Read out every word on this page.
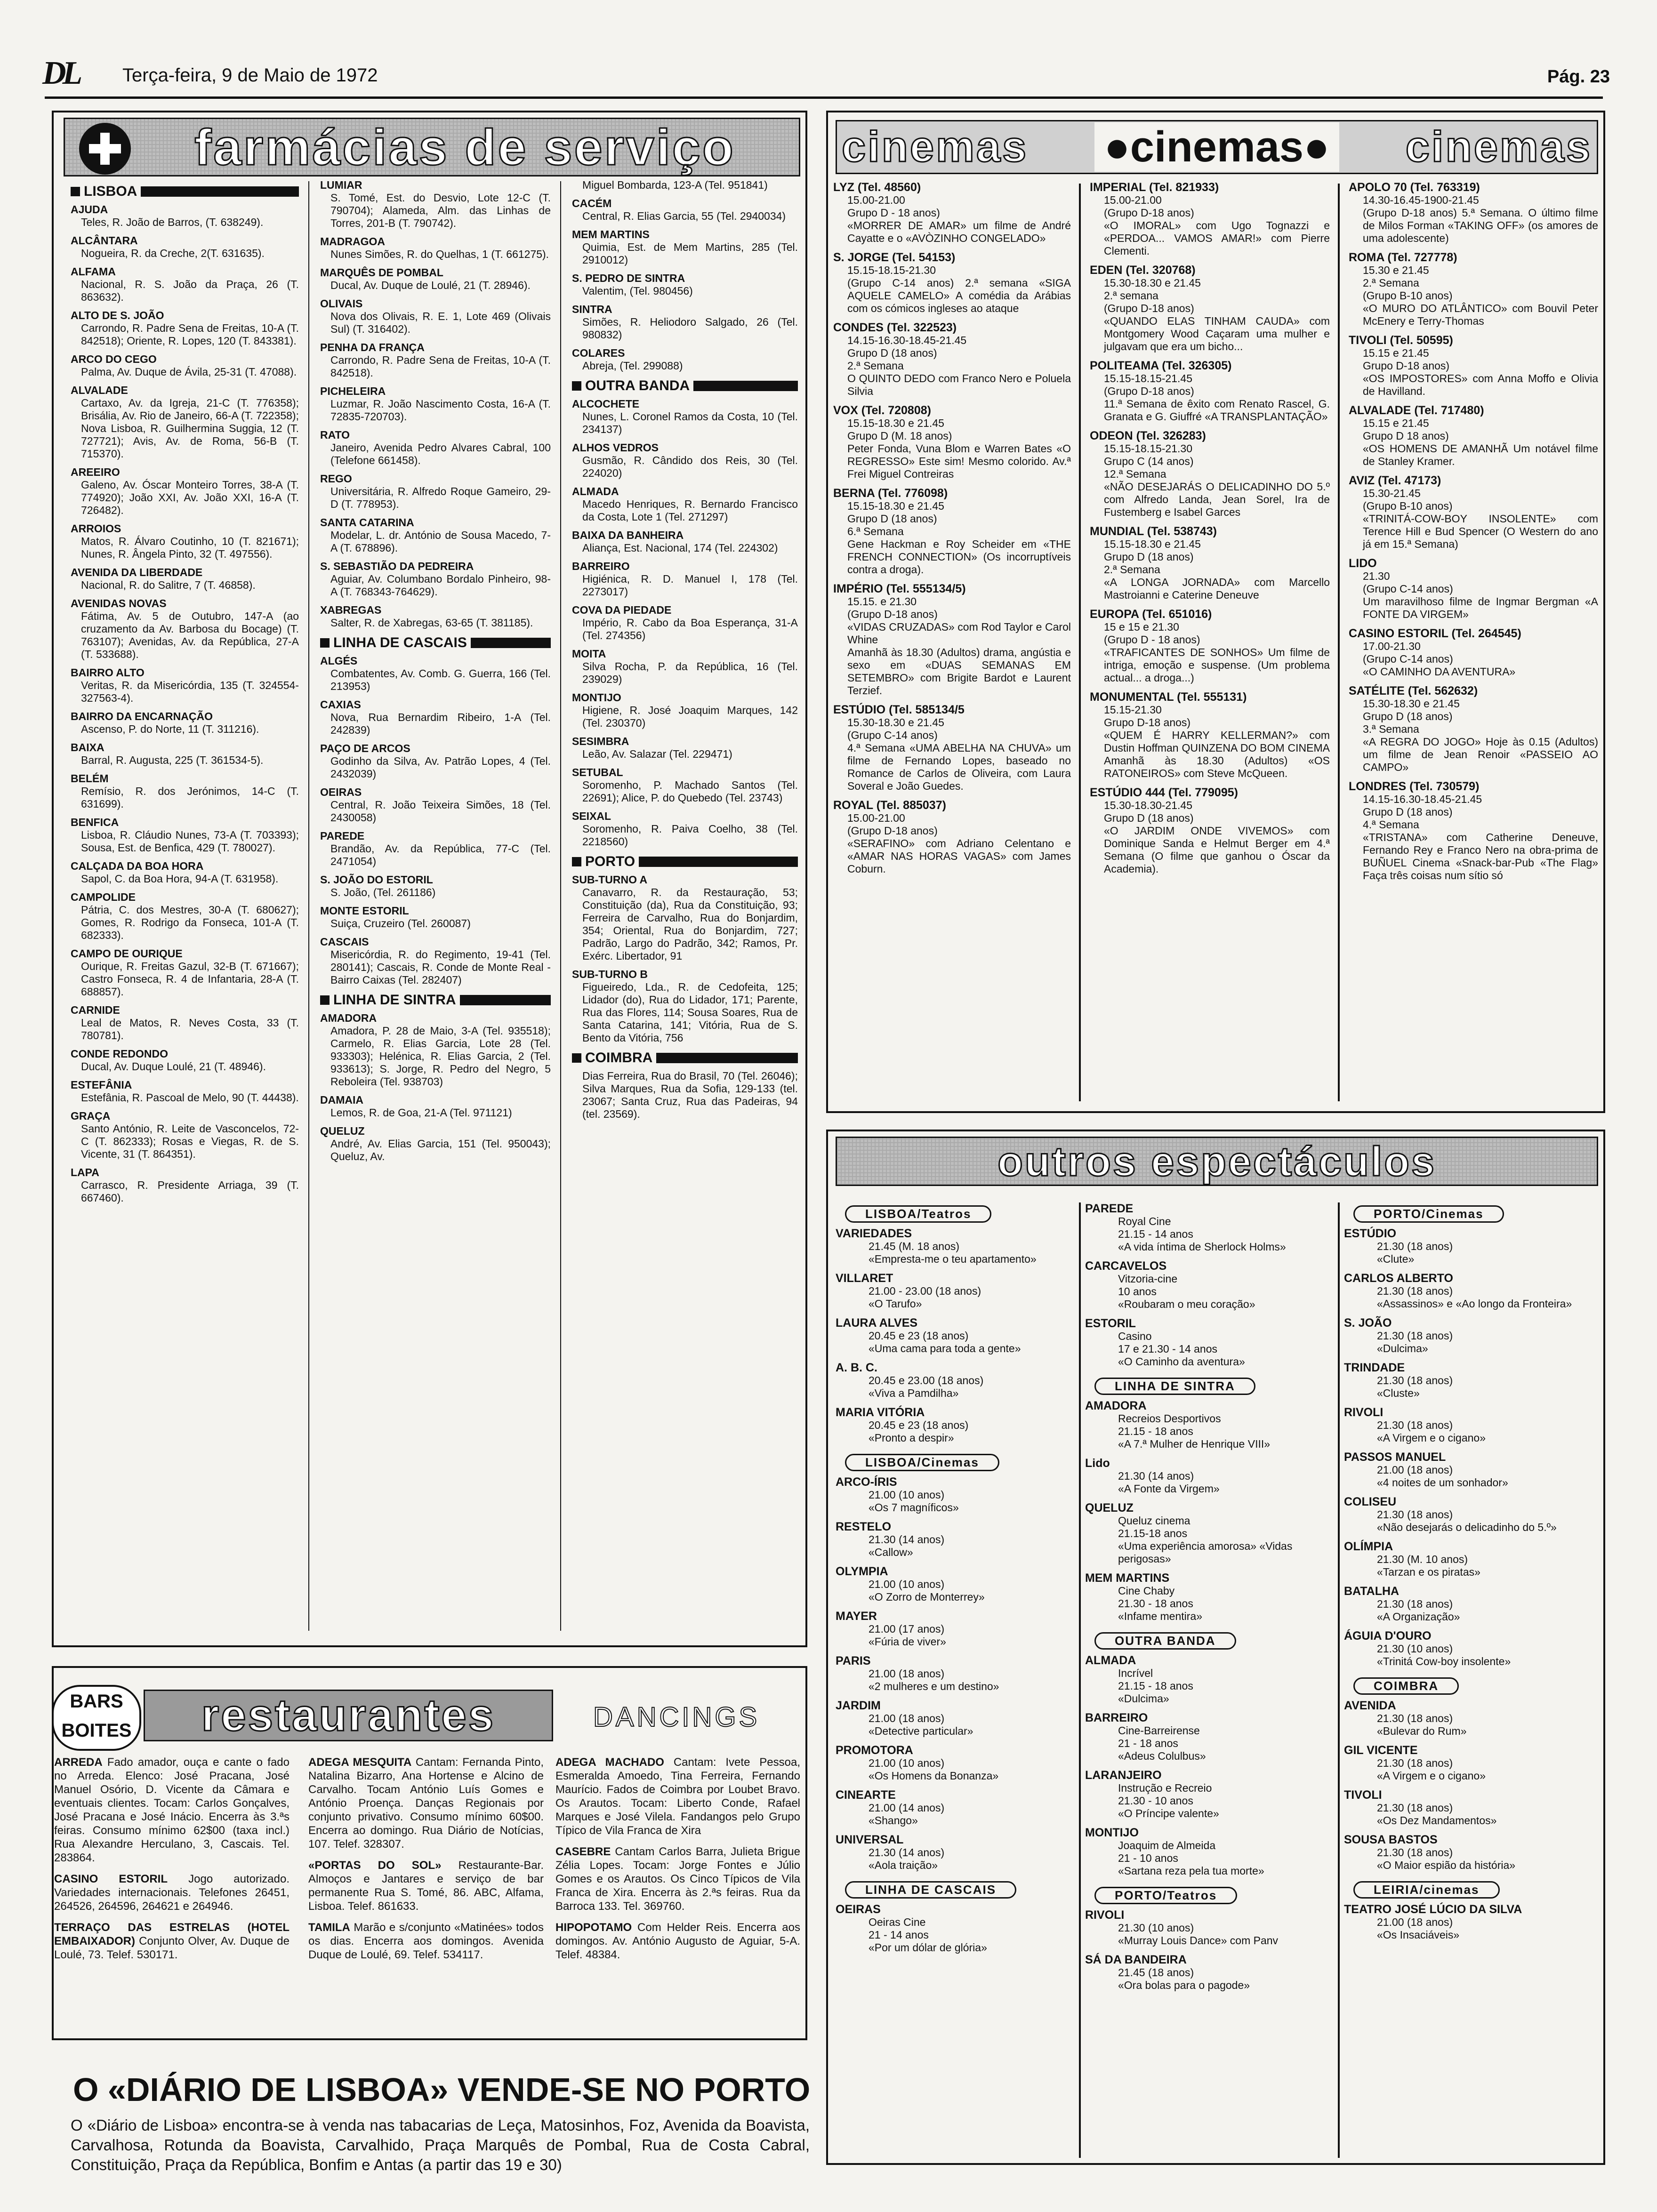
DL Terça-feira, 9 de Maio de 1972	Pág. 23
farmácias de serviço
LISBOA
AJUDA
Teles, R. João de Barros, (T. 638249).
ALCÂNTARA
Nogueira, R. da Creche, 2(T. 631635).
ALFAMA
Nacional, R. S. João da Praça, 26 (T. 863632).
ALTO DE S. JOÃO
Carrondo, R. Padre Sena de Freitas, 10-A (T. 842518); Oriente, R. Lopes, 120 (T. 843381).
ARCO DO CEGO
Palma, Av. Duque de Ávila, 25-31 (T. 47088).
ALVALADE
Cartaxo, Av. da Igreja, 21-C (T. 776358); Brisália, Av. Rio de Janeiro, 66-A (T. 722358); Nova Lisboa, R. Guilhermina Suggia, 12 (T. 727721); Avis, Av. de Roma, 56-B (T. 715370).
AREEIRO
Galeno, Av. Óscar Monteiro Torres, 38-A (T. 774920); João XXI, Av. João XXI, 16-A (T. 726482).
ARROIOS
Matos, R. Álvaro Coutinho, 10 (T. 821671); Nunes, R. Ângela Pinto, 32 (T. 497556).
AVENIDA DA LIBERDADE
Nacional, R. do Salitre, 7 (T. 46858).
AVENIDAS NOVAS
Fátima, Av. 5 de Outubro, 147-A (ao cruzamento da Av. Barbosa du Bocage) (T. 763107); Avenidas, Av. da República, 27-A (T. 533688).
BAIRRO ALTO
Veritas, R. da Misericórdia, 135 (T. 324554-327563-4).
BAIRRO DA ENCARNAÇÃO
Ascenso, P. do Norte, 11 (T. 311216).
BAIXA
Barral, R. Augusta, 225 (T. 361534-5).
BELÉM
Remísio, R. dos Jerónimos, 14-C (T. 631699).
BENFICA
Lisboa, R. Cláudio Nunes, 73-A (T. 703393); Sousa, Est. de Benfica, 429 (T. 780027).
CALÇADA DA BOA HORA
Sapol, C. da Boa Hora, 94-A (T. 631958).
CAMPOLIDE
Pátria, C. dos Mestres, 30-A (T. 680627); Gomes, R. Rodrigo da Fonseca, 101-A (T. 682333).
CAMPO DE OURIQUE
Ourique, R. Freitas Gazul, 32-B (T. 671667); Castro Fonseca, R. 4 de Infantaria, 28-A (T. 688857).
CARNIDE
Leal de Matos, R. Neves Costa, 33 (T. 780781).
CONDE REDONDO
Ducal, Av. Duque Loulé, 21 (T. 48946).
ESTEFÂNIA
Estefânia, R. Pascoal de Melo, 90 (T. 44438).
GRAÇA
Santo António, R. Leite de Vasconcelos, 72-C (T. 862333); Rosas e Viegas, R. de S. Vicente, 31 (T. 864351).
LAPA
Carrasco, R. Presidente Arriaga, 39 (T. 667460).
LUMIAR
S. Tomé, Est. do Desvio, Lote 12-C (T. 790704); Alameda, Alm. das Linhas de Torres, 201-B (T. 790742).
MADRAGOA
Nunes Simões, R. do Quelhas, 1 (T. 661275).
MARQUÊS DE POMBAL
Ducal, Av. Duque de Loulé, 21 (T. 28946).
OLIVAIS
Nova dos Olivais, R. E. 1, Lote 469 (Olivais Sul) (T. 316402).
PENHA DA FRANÇA
Carrondo, R. Padre Sena de Freitas, 10-A (T. 842518).
PICHELEIRA
Luzmar, R. João Nascimento Costa, 16-A (T. 72835-720703).
RATO
Janeiro, Avenida Pedro Alvares Cabral, 100 (Telefone 661458).
REGO
Universitária, R. Alfredo Roque Gameiro, 29-D (T. 778953).
SANTA CATARINA
Modelar, L. dr. António de Sousa Macedo, 7-A (T. 678896).
S. SEBASTIÃO DA PEDREIRA
Aguiar, Av. Columbano Bordalo Pinheiro, 98-A (T. 768343-764629).
XABREGAS
Salter, R. de Xabregas, 63-65 (T. 381185).
LINHA DE CASCAIS
ALGÉS
Combatentes, Av. Comb. G. Guerra, 166 (Tel. 213953)
CAXIAS
Nova, Rua Bernardim Ribeiro, 1-A (Tel. 242839)
PAÇO DE ARCOS
Godinho da Silva, Av. Patrão Lopes, 4 (Tel. 2432039)
OEIRAS
Central, R. João Teixeira Simões, 18 (Tel. 2430058)
PAREDE
Brandão, Av. da República, 77-C (Tel. 2471054)
S. JOÃO DO ESTORIL
S. João, (Tel. 261186)
MONTE ESTORIL
Suiça, Cruzeiro (Tel. 260087)
CASCAIS
Misericórdia, R. do Regimento, 19-41 (Tel. 280141); Cascais, R. Conde de Monte Real - Bairro Caixas (Tel. 282407)
LINHA DE SINTRA
AMADORA
Amadora, P. 28 de Maio, 3-A (Tel. 935518); Carmelo, R. Elias Garcia, Lote 28 (Tel. 933303); Helénica, R. Elias Garcia, 2 (Tel. 933613); S. Jorge, R. Pedro del Negro, 5 Reboleira (Tel. 938703)
DAMAIA
Lemos, R. de Goa, 21-A (Tel. 971121)
QUELUZ
André, Av. Elias Garcia, 151 (Tel. 950043); Queluz, Av.
Miguel Bombarda, 123-A (Tel. 951841)
CACÉM
Central, R. Elias Garcia, 55 (Tel. 2940034)
MEM MARTINS
Quimia, Est. de Mem Martins, 285 (Tel. 2910012)
S. PEDRO DE SINTRA
Valentim, (Tel. 980456)
SINTRA
Simões, R. Heliodoro Salgado, 26 (Tel. 980832)
COLARES
Abreja, (Tel. 299088)
OUTRA BANDA
ALCOCHETE
Nunes, L. Coronel Ramos da Costa, 10 (Tel. 234137)
ALHOS VEDROS
Gusmão, R. Cândido dos Reis, 30 (Tel. 224020)
ALMADA
Macedo Henriques, R. Bernardo Francisco da Costa, Lote 1 (Tel. 271297)
BAIXA DA BANHEIRA
Aliança, Est. Nacional, 174 (Tel. 224302)
BARREIRO
Higiénica, R. D. Manuel I, 178 (Tel. 2273017)
COVA DA PIEDADE
Império, R. Cabo da Boa Esperança, 31-A (Tel. 274356)
MOITA
Silva Rocha, P. da República, 16 (Tel. 239029)
MONTIJO
Higiene, R. José Joaquim Marques, 142 (Tel. 230370)
SESIMBRA
Leão, Av. Salazar (Tel. 229471)
SETUBAL
Soromenho, P. Machado Santos (Tel. 22691); Alice, P. do Quebedo (Tel. 23743)
SEIXAL
Soromenho, R. Paiva Coelho, 38 (Tel. 2218560)
PORTO
SUB-TURNO A
Canavarro, R. da Restauração, 53; Constituição (da), Rua da Constituição, 93; Ferreira de Carvalho, Rua do Bonjardim, 354; Oriental, Rua do Bonjardim, 727; Padrão, Largo do Padrão, 342; Ramos, Pr. Exérc. Libertador, 91
SUB-TURNO B
Figueiredo, Lda., R. de Cedofeita, 125; Lidador (do), Rua do Lidador, 171; Parente, Rua das Flores, 114; Sousa Soares, Rua de Santa Catarina, 141; Vitória, Rua de S. Bento da Vitória, 756
COIMBRA
Dias Ferreira, Rua do Brasil, 70 (Tel. 26046); Silva Marques, Rua da Sofia, 129-133 (tel. 23067; Santa Cruz, Rua das Padeiras, 94 (tel. 23569).
cinemas ●cinemas● cinemas
LYZ (Tel. 48560)
15.00-21.00
Grupo D - 18 anos)
«MORRER DE AMAR» um filme de André Cayatte e o «AVÒZINHO CONGELADO»
S. JORGE (Tel. 54153)
15.15-18.15-21.30
(Grupo C-14 anos) 2.ª semana «SIGA AQUELE CAMELO» A comédia da Arábias com os cómicos ingleses ao ataque
CONDES (Tel. 322523)
14.15-16.30-18.45-21.45
Grupo D (18 anos)
2.ª Semana
O QUINTO DEDO com Franco Nero e Poluela Silvia
VOX (Tel. 720808)
15.15-18.30 e 21.45
Grupo D (M. 18 anos)
Peter Fonda, Vuna Blom e Warren Bates «O REGRESSO» Este sim! Mesmo colorido. Av.ª Frei Miguel Contreiras
BERNA (Tel. 776098)
15.15-18.30 e 21.45
Grupo D (18 anos)
6.ª Semana
Gene Hackman e Roy Scheider em «THE FRENCH CONNECTION» (Os incorruptíveis contra a droga).
IMPÉRIO (Tel. 555134/5)
15.15. e 21.30
(Grupo D-18 anos)
«VIDAS CRUZADAS» com Rod Taylor e Carol Whine
Amanhã às 18.30 (Adultos) drama, angústia e sexo em «DUAS SEMANAS EM SETEMBRO» com Brigite Bardot e Laurent Terzief.
ESTÚDIO (Tel. 585134/5
15.30-18.30 e 21.45
(Grupo C-14 anos)
4.ª Semana «UMA ABELHA NA CHUVA» um filme de Fernando Lopes, baseado no Romance de Carlos de Oliveira, com Laura Soveral e João Guedes.
ROYAL (Tel. 885037)
15.00-21.00
(Grupo D-18 anos)
«SERAFINO» com Adriano Celentano e «AMAR NAS HORAS VAGAS» com James Coburn.
IMPERIAL (Tel. 821933)
15.00-21.00
(Grupo D-18 anos)
«O IMORAL» com Ugo Tognazzi e «PERDOA... VAMOS AMAR!» com Pierre Clementi.
EDEN (Tel. 320768)
15.30-18.30 e 21.45
2.ª semana
(Grupo D-18 anos)
«QUANDO ELAS TINHAM CAUDA» com Montgomery Wood Caçaram uma mulher e julgavam que era um bicho...
POLITEAMA (Tel. 326305)
15.15-18.15-21.45
(Grupo D-18 anos)
11.ª Semana de êxito com Renato Rascel, G. Granata e G. Giuffré «A TRANSPLANTAÇÃO»
ODEON (Tel. 326283)
15.15-18.15-21.30
Grupo C (14 anos)
12.ª Semana
«NÃO DESEJARÁS O DELICADINHO DO 5.º com Alfredo Landa, Jean Sorel, Ira de Fustemberg e Isabel Garces
MUNDIAL (Tel. 538743)
15.15-18.30 e 21.45
Grupo D (18 anos)
2.ª Semana
«A LONGA JORNADA» com Marcello Mastroianni e Caterine Deneuve
EUROPA (Tel. 651016)
15 e 15 e 21.30
(Grupo D - 18 anos)
«TRAFICANTES DE SONHOS» Um filme de intriga, emoção e suspense. (Um problema actual... a droga...)
MONUMENTAL (Tel. 555131)
15.15-21.30
Grupo D-18 anos)
«QUEM É HARRY KELLERMAN?» com Dustin Hoffman QUINZENA DO BOM CINEMA Amanhã às 18.30 (Adultos) «OS RATONEIROS» com Steve McQueen.
ESTÚDIO 444 (Tel. 779095)
15.30-18.30-21.45
Grupo D (18 anos)
«O JARDIM ONDE VIVEMOS» com Dominique Sanda e Helmut Berger em 4.ª Semana (O filme que ganhou o Óscar da Academia).
APOLO 70 (Tel. 763319)
14.30-16.45-1900-21.45
(Grupo D-18 anos) 5.ª Semana. O último filme de Milos Forman «TAKING OFF» (os amores de uma adolescente)
ROMA (Tel. 727778)
15.30 e 21.45
2.ª Semana
(Grupo B-10 anos)
«O MURO DO ATLÂNTICO» com Bouvil Peter McEnery e Terry-Thomas
TIVOLI (Tel. 50595)
15.15 e 21.45
Grupo D-18 anos)
«OS IMPOSTORES» com Anna Moffo e Olivia de Havilland.
ALVALADE (Tel. 717480)
15.15 e 21.45
Grupo D 18 anos)
«OS HOMENS DE AMANHÃ Um notável filme de Stanley Kramer.
AVIZ (Tel. 47173)
15.30-21.45
(Grupo B-10 anos)
«TRINITÁ-COW-BOY INSOLENTE» com Terence Hill e Bud Spencer (O Western do ano já em 15.ª Semana)
LIDO
21.30
(Grupo C-14 anos)
Um maravilhoso filme de Ingmar Bergman «A FONTE DA VIRGEM»
CASINO ESTORIL (Tel. 264545)
17.00-21.30
(Grupo C-14 anos)
«O CAMINHO DA AVENTURA»
SATÉLITE (Tel. 562632)
15.30-18.30 e 21.45
Grupo D (18 anos)
3.ª Semana
«A REGRA DO JOGO» Hoje às 0.15 (Adultos) um filme de Jean Renoir «PASSEIO AO CAMPO»
LONDRES (Tel. 730579)
14.15-16.30-18.45-21.45
Grupo D (18 anos)
4.ª Semana
«TRISTANA» com Catherine Deneuve, Fernando Rey e Franco Nero na obra-prima de BUÑUEL Cinema «Snack-bar-Pub «The Flag» Faça três coisas num sítio só
outros espectáculos
LISBOA/Teatros
VARIEDADES
21.45 (M. 18 anos)
«Empresta-me o teu apartamento»
VILLARET
21.00 - 23.00 (18 anos)
«O Tarufo»
LAURA ALVES
20.45 e 23 (18 anos)
«Uma cama para toda a gente»
A. B. C.
20.45 e 23.00 (18 anos)
«Viva a Pamdilha»
MARIA VITÓRIA
20.45 e 23 (18 anos)
«Pronto a despir»
LISBOA/Cinemas
ARCO-ÍRIS
21.00 (10 anos)
«Os 7 magníficos»
RESTELO
21.30 (14 anos)
«Callow»
OLYMPIA
21.00 (10 anos)
«O Zorro de Monterrey»
MAYER
21.00 (17 anos)
«Fúria de viver»
PARIS
21.00 (18 anos)
«2 mulheres e um destino»
JARDIM
21.00 (18 anos)
«Detective particular»
PROMOTORA
21.00 (10 anos)
«Os Homens da Bonanza»
CINEARTE
21.00 (14 anos)
«Shango»
UNIVERSAL
21.30 (14 anos)
«Aola traição»
LINHA DE CASCAIS
OEIRAS
Oeiras Cine
21 - 14 anos
«Por um dólar de glória»
PAREDE
Royal Cine
21.15 - 14 anos
«A vida íntima de Sherlock Holms»
CARCAVELOS
Vitzoria-cine
10 anos
«Roubaram o meu coração»
ESTORIL
Casino
17 e 21.30 - 14 anos
«O Caminho da aventura»
LINHA DE SINTRA
AMADORA
Recreios Desportivos
21.15 - 18 anos
«A 7.ª Mulher de Henrique VIII»
Lido
21.30 (14 anos)
«A Fonte da Virgem»
QUELUZ
Queluz cinema
21.15-18 anos
«Uma experiência amorosa» «Vidas perigosas»
MEM MARTINS
Cine Chaby
21.30 - 18 anos
«Infame mentira»
OUTRA BANDA
ALMADA
Incrível
21.15 - 18 anos
«Dulcima»
BARREIRO
Cine-Barreirense
21 - 18 anos
«Adeus Colulbus»
LARANJEIRO
Instrução e Recreio
21.30 - 10 anos
«O Príncipe valente»
MONTIJO
Joaquim de Almeida
21 - 10 anos
«Sartana reza pela tua morte»
PORTO/Teatros
RIVOLI
21.30 (10 anos)
«Murray Louis Dance» com Panv
SÁ DA BANDEIRA
21.45 (18 anos)
«Ora bolas para o pagode»
PORTO/Cinemas
ESTÚDIO
21.30 (18 anos)
«Clute»
CARLOS ALBERTO
21.30 (18 anos)
«Assassinos» e «Ao longo da Fronteira»
S. JOÃO
21.30 (18 anos)
«Dulcima»
TRINDADE
21.30 (18 anos)
«Cluste»
RIVOLI
21.30 (18 anos)
«A Virgem e o cigano»
PASSOS MANUEL
21.00 (18 anos)
«4 noites de um sonhador»
COLISEU
21.30 (18 anos)
«Não desejarás o delicadinho do 5.º»
OLÍMPIA
21.30 (M. 10 anos)
«Tarzan e os piratas»
BATALHA
21.30 (18 anos)
«A Organização»
ÁGUIA D'OURO
21.30 (10 anos)
«Trinitá Cow-boy insolente»
COIMBRA
AVENIDA
21.30 (18 anos)
«Bulevar do Rum»
GIL VICENTE
21.30 (18 anos)
«A Virgem e o cigano»
TIVOLI
21.30 (18 anos)
«Os Dez Mandamentos»
SOUSA BASTOS
21.30 (18 anos)
«O Maior espião da história»
LEIRIA/cinemas
TEATRO JOSÉ LÚCIO DA SILVA
21.00 (18 anos)
«Os Insaciáveis»
BARS
BOITES restaurantes	DANCINGS
ARREDA Fado amador, ouça e cante o fado no Arreda. Elenco: José Pracana, José Manuel Osório, D. Vicente da Câmara e eventuais clientes. Tocam: Carlos Gonçalves, José Pracana e José Inácio. Encerra às 3.ªs feiras. Consumo mínimo 62$00 (taxa incl.) Rua Alexandre Herculano, 3, Cascais. Tel. 283864.
CASINO ESTORIL Jogo autorizado. Variedades internacionais. Telefones 26451, 264526, 264596, 264621 e 264946.
TERRAÇO DAS ESTRELAS (HOTEL EMBAIXADOR) Conjunto Olver, Av. Duque de Loulé, 73. Telef. 530171.
ADEGA MESQUITA Cantam: Fernanda Pinto, Natalina Bizarro, Ana Hortense e Alcino de Carvalho. Tocam António Luís Gomes e António Proença. Danças Regionais por conjunto privativo. Consumo mínimo 60$00. Encerra ao domingo. Rua Diário de Notícias, 107. Telef. 328307.
«PORTAS DO SOL» Restaurante-Bar. Almoços e Jantares e serviço de bar permanente Rua S. Tomé, 86. ABC, Alfama, Lisboa. Telef. 861633.
TAMILA Marão e s/conjunto «Matinées» todos os dias. Encerra aos domingos. Avenida Duque de Loulé, 69. Telef. 534117.
ADEGA MACHADO Cantam: Ivete Pessoa, Esmeralda Amoedo, Tina Ferreira, Fernando Maurício. Fados de Coimbra por Loubet Bravo. Os Arautos. Tocam: Liberto Conde, Rafael Marques e José Vilela. Fandangos pelo Grupo Típico de Vila Franca de Xira
CASEBRE Cantam Carlos Barra, Julieta Brigue Zélia Lopes. Tocam: Jorge Fontes e Júlio Gomes e os Arautos. Os Cinco Típicos de Vila Franca de Xira. Encerra às 2.ªs feiras. Rua da Barroca 133. Tel. 369760.
HIPOPOTAMO Com Helder Reis. Encerra aos domingos. Av. António Augusto de Aguiar, 5-A. Telef. 48384.
O «DIÁRIO DE LISBOA» VENDE-SE NO PORTO
O «Diário de Lisboa» encontra-se à venda nas tabacarias de Leça, Matosinhos, Foz, Avenida da Boavista, Carvalhosa, Rotunda da Boavista, Carvalhido, Praça Marquês de Pombal, Rua de Costa Cabral, Constituição, Praça da República, Bonfim e Antas (a partir das 19 e 30)
